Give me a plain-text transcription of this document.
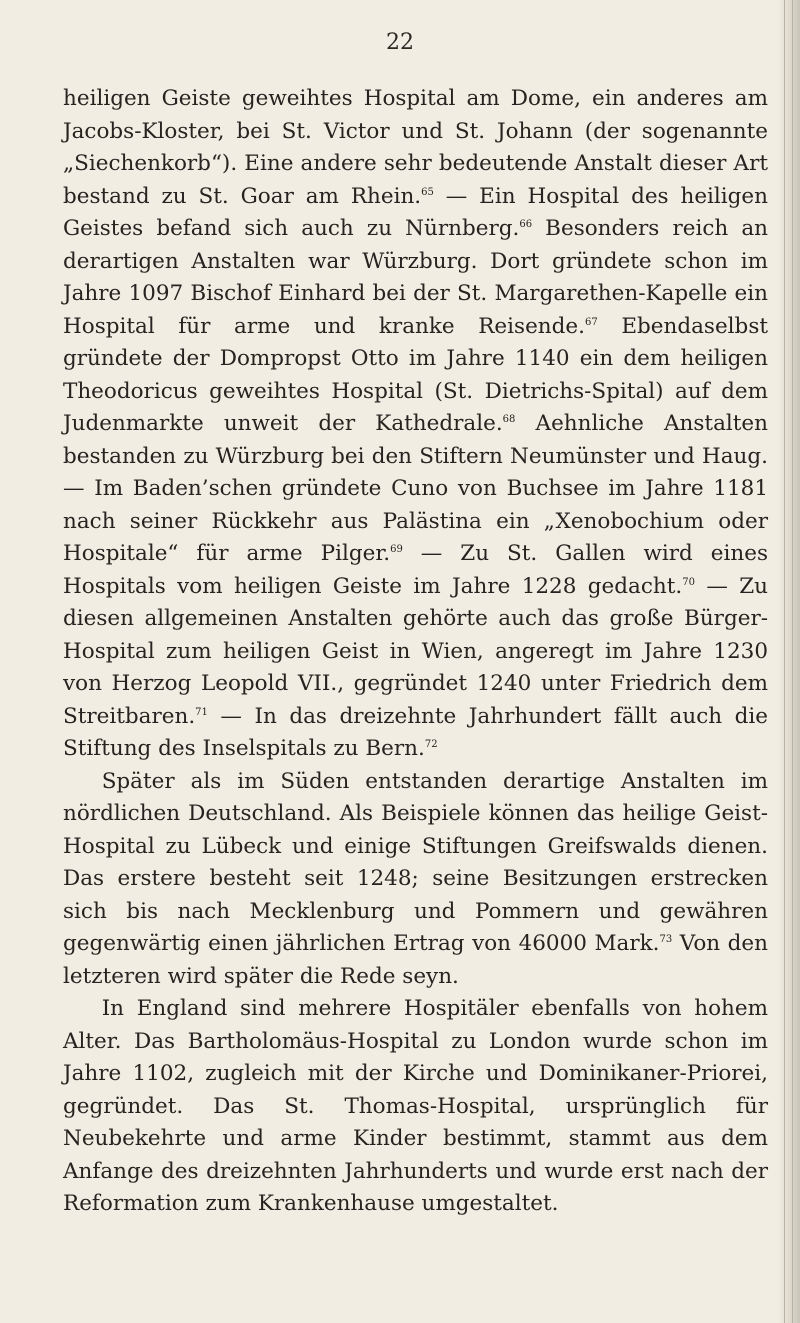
22

heiligen Geiste geweihtes Hospital am Dome, ein anderes am Jacobs-Kloster, bei St. Victor und St. Johann (der sogenannte „Siechenkorb“). Eine andere sehr bedeutende Anstalt dieser Art bestand zu St. Goar am Rhein.$^{65}$ — Ein Hospital des heiligen Geistes befand sich auch zu Nürnberg.$^{66}$ Besonders reich an derartigen Anstalten war Würzburg. Dort gründete schon im Jahre 1097 Bischof Einhard bei der St. Margarethen-Kapelle ein Hospital für arme und kranke Reisende.$^{67}$ Ebendaselbst gründete der Dompropst Otto im Jahre 1140 ein dem heiligen Theodoricus geweihtes Hospital (St. Dietrichs-Spital) auf dem Judenmarkte unweit der Kathedrale.$^{68}$ Aehnliche Anstalten bestanden zu Würzburg bei den Stiftern Neumünster und Haug. — Im Baden’schen gründete Cuno von Buchsee im Jahre 1181 nach seiner Rückkehr aus Palästina ein „Xenobochium oder Hospitale“ für arme Pilger.$^{69}$ — Zu St. Gallen wird eines Hospitals vom heiligen Geiste im Jahre 1228 gedacht.$^{70}$ — Zu diesen allgemeinen Anstalten gehörte auch das große Bürger-Hospital zum heiligen Geist in Wien, angeregt im Jahre 1230 von Herzog Leopold VII., gegründet 1240 unter Friedrich dem Streitbaren.$^{71}$ — In das dreizehnte Jahrhundert fällt auch die Stiftung des Inselspitals zu Bern.$^{72}$

Später als im Süden entstanden derartige Anstalten im nördlichen Deutschland. Als Beispiele können das heilige Geist-Hospital zu Lübeck und einige Stiftungen Greifswalds dienen. Das erstere besteht seit 1248; seine Besitzungen erstrecken sich bis nach Mecklenburg und Pommern und gewähren gegenwärtig einen jährlichen Ertrag von 46000 Mark.$^{73}$ Von den letzteren wird später die Rede seyn.

In England sind mehrere Hospitäler ebenfalls von hohem Alter. Das Bartholomäus-Hospital zu London wurde schon im Jahre 1102, zugleich mit der Kirche und Dominikaner-Priorei, gegründet. Das St. Thomas-Hospital, ursprünglich für Neubekehrte und arme Kinder bestimmt, stammt aus dem Anfange des dreizehnten Jahrhunderts und wurde erst nach der Reformation zum Krankenhause umgestaltet.
